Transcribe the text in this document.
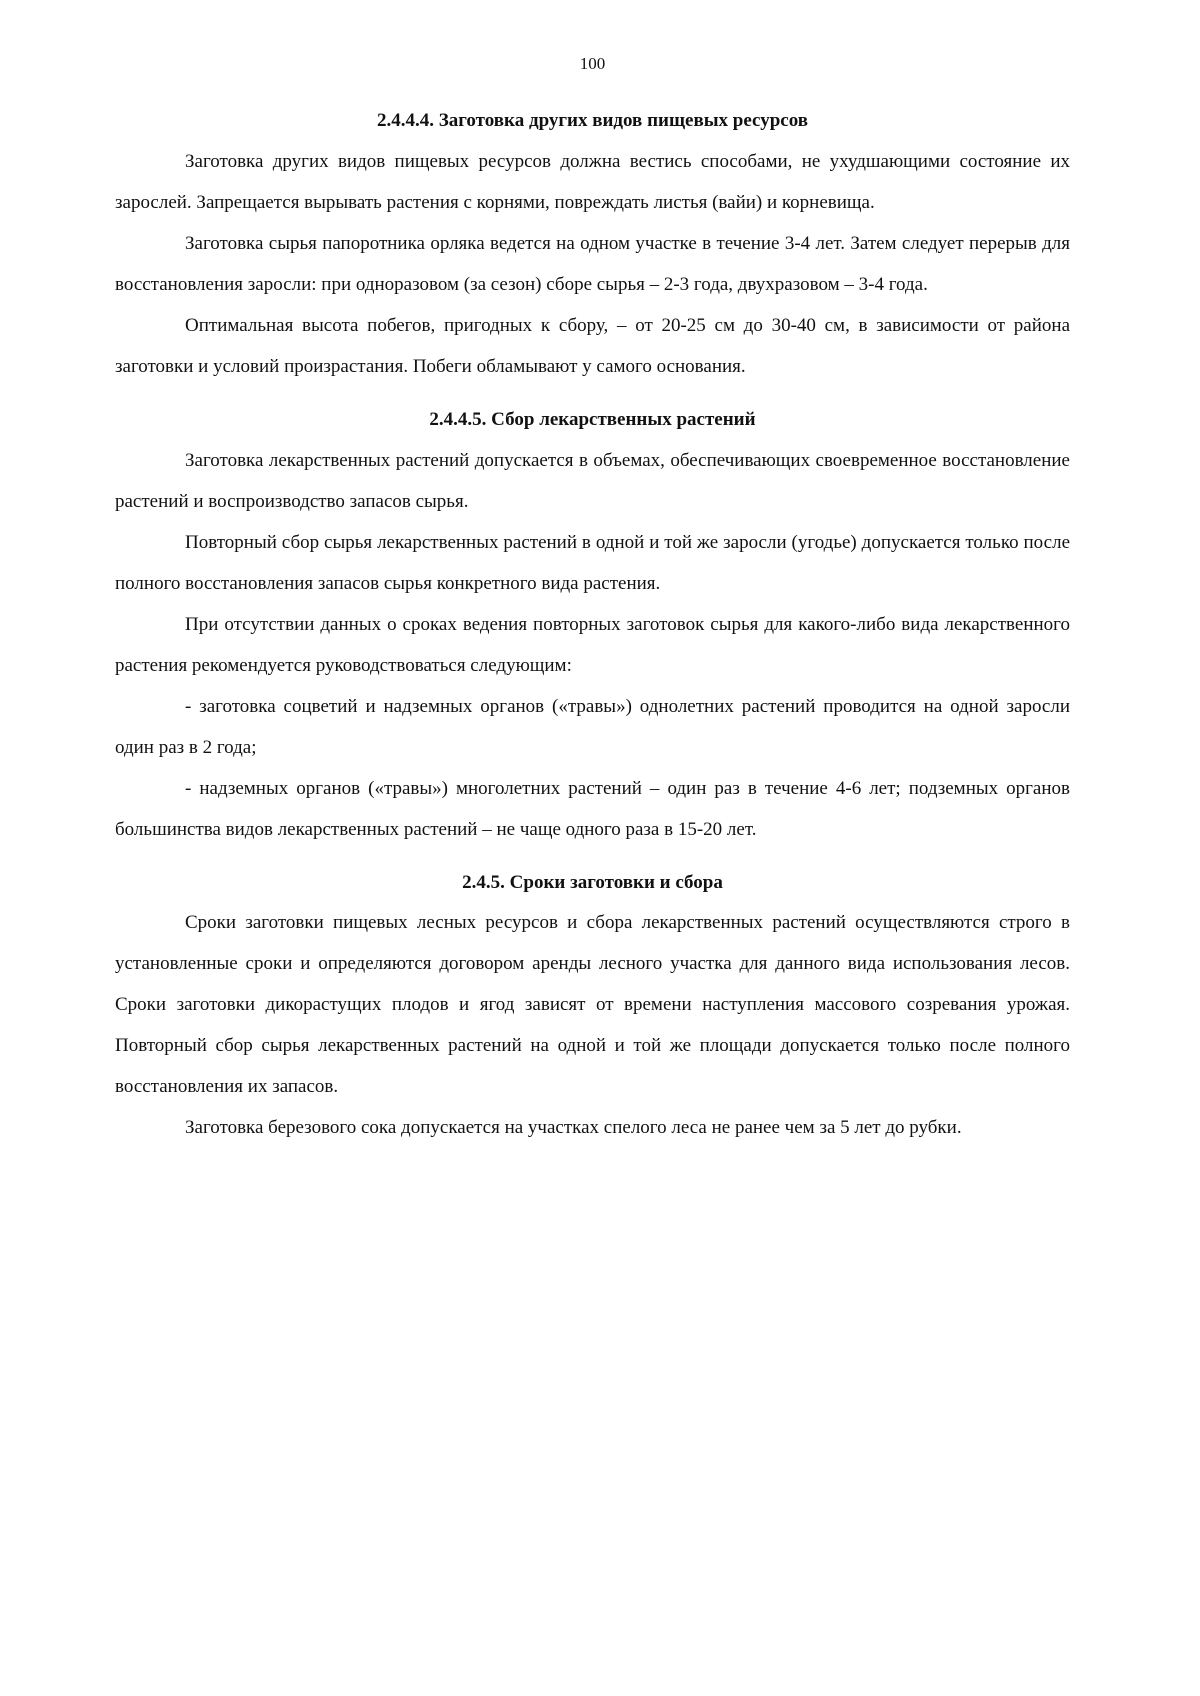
100
2.4.4.4. Заготовка других видов пищевых ресурсов

Заготовка других видов пищевых ресурсов должна вестись способами, не ухудшающими состояние их зарослей. Запрещается вырывать растения с корнями, повреждать листья (вайи) и корневища.

Заготовка сырья папоротника орляка ведется на одном участке в течение 3-4 лет. Затем следует перерыв для восстановления заросли: при одноразовом (за сезон) сборе сырья – 2-3 года, двухразовом – 3-4 года.

Оптимальная высота побегов, пригодных к сбору, – от 20-25 см до 30-40 см, в зависимости от района заготовки и условий произрастания. Побеги обламывают у самого основания.

2.4.4.5. Сбор лекарственных растений

Заготовка лекарственных растений допускается в объемах, обеспечивающих своевременное восстановление растений и воспроизводство запасов сырья.

Повторный сбор сырья лекарственных растений в одной и той же заросли (угодье) допускается только после полного восстановления запасов сырья конкретного вида растения.

При отсутствии данных о сроках ведения повторных заготовок сырья для какого-либо вида лекарственного растения рекомендуется руководствоваться следующим:

- заготовка соцветий и надземных органов («травы») однолетних растений проводится на одной заросли один раз в 2 года;

- надземных органов («травы») многолетних растений – один раз в течение 4-6 лет; подземных органов большинства видов лекарственных растений – не чаще одного раза в 15-20 лет.

2.4.5. Сроки заготовки и сбора

Сроки заготовки пищевых лесных ресурсов и сбора лекарственных растений осуществляются строго в установленные сроки и определяются договором аренды лесного участка для данного вида использования лесов. Сроки заготовки дикорастущих плодов и ягод зависят от времени наступления массового созревания урожая. Повторный сбор сырья лекарственных растений на одной и той же площади допускается только после полного восстановления их запасов.

Заготовка березового сока допускается на участках спелого леса не ранее чем за 5 лет до рубки.
